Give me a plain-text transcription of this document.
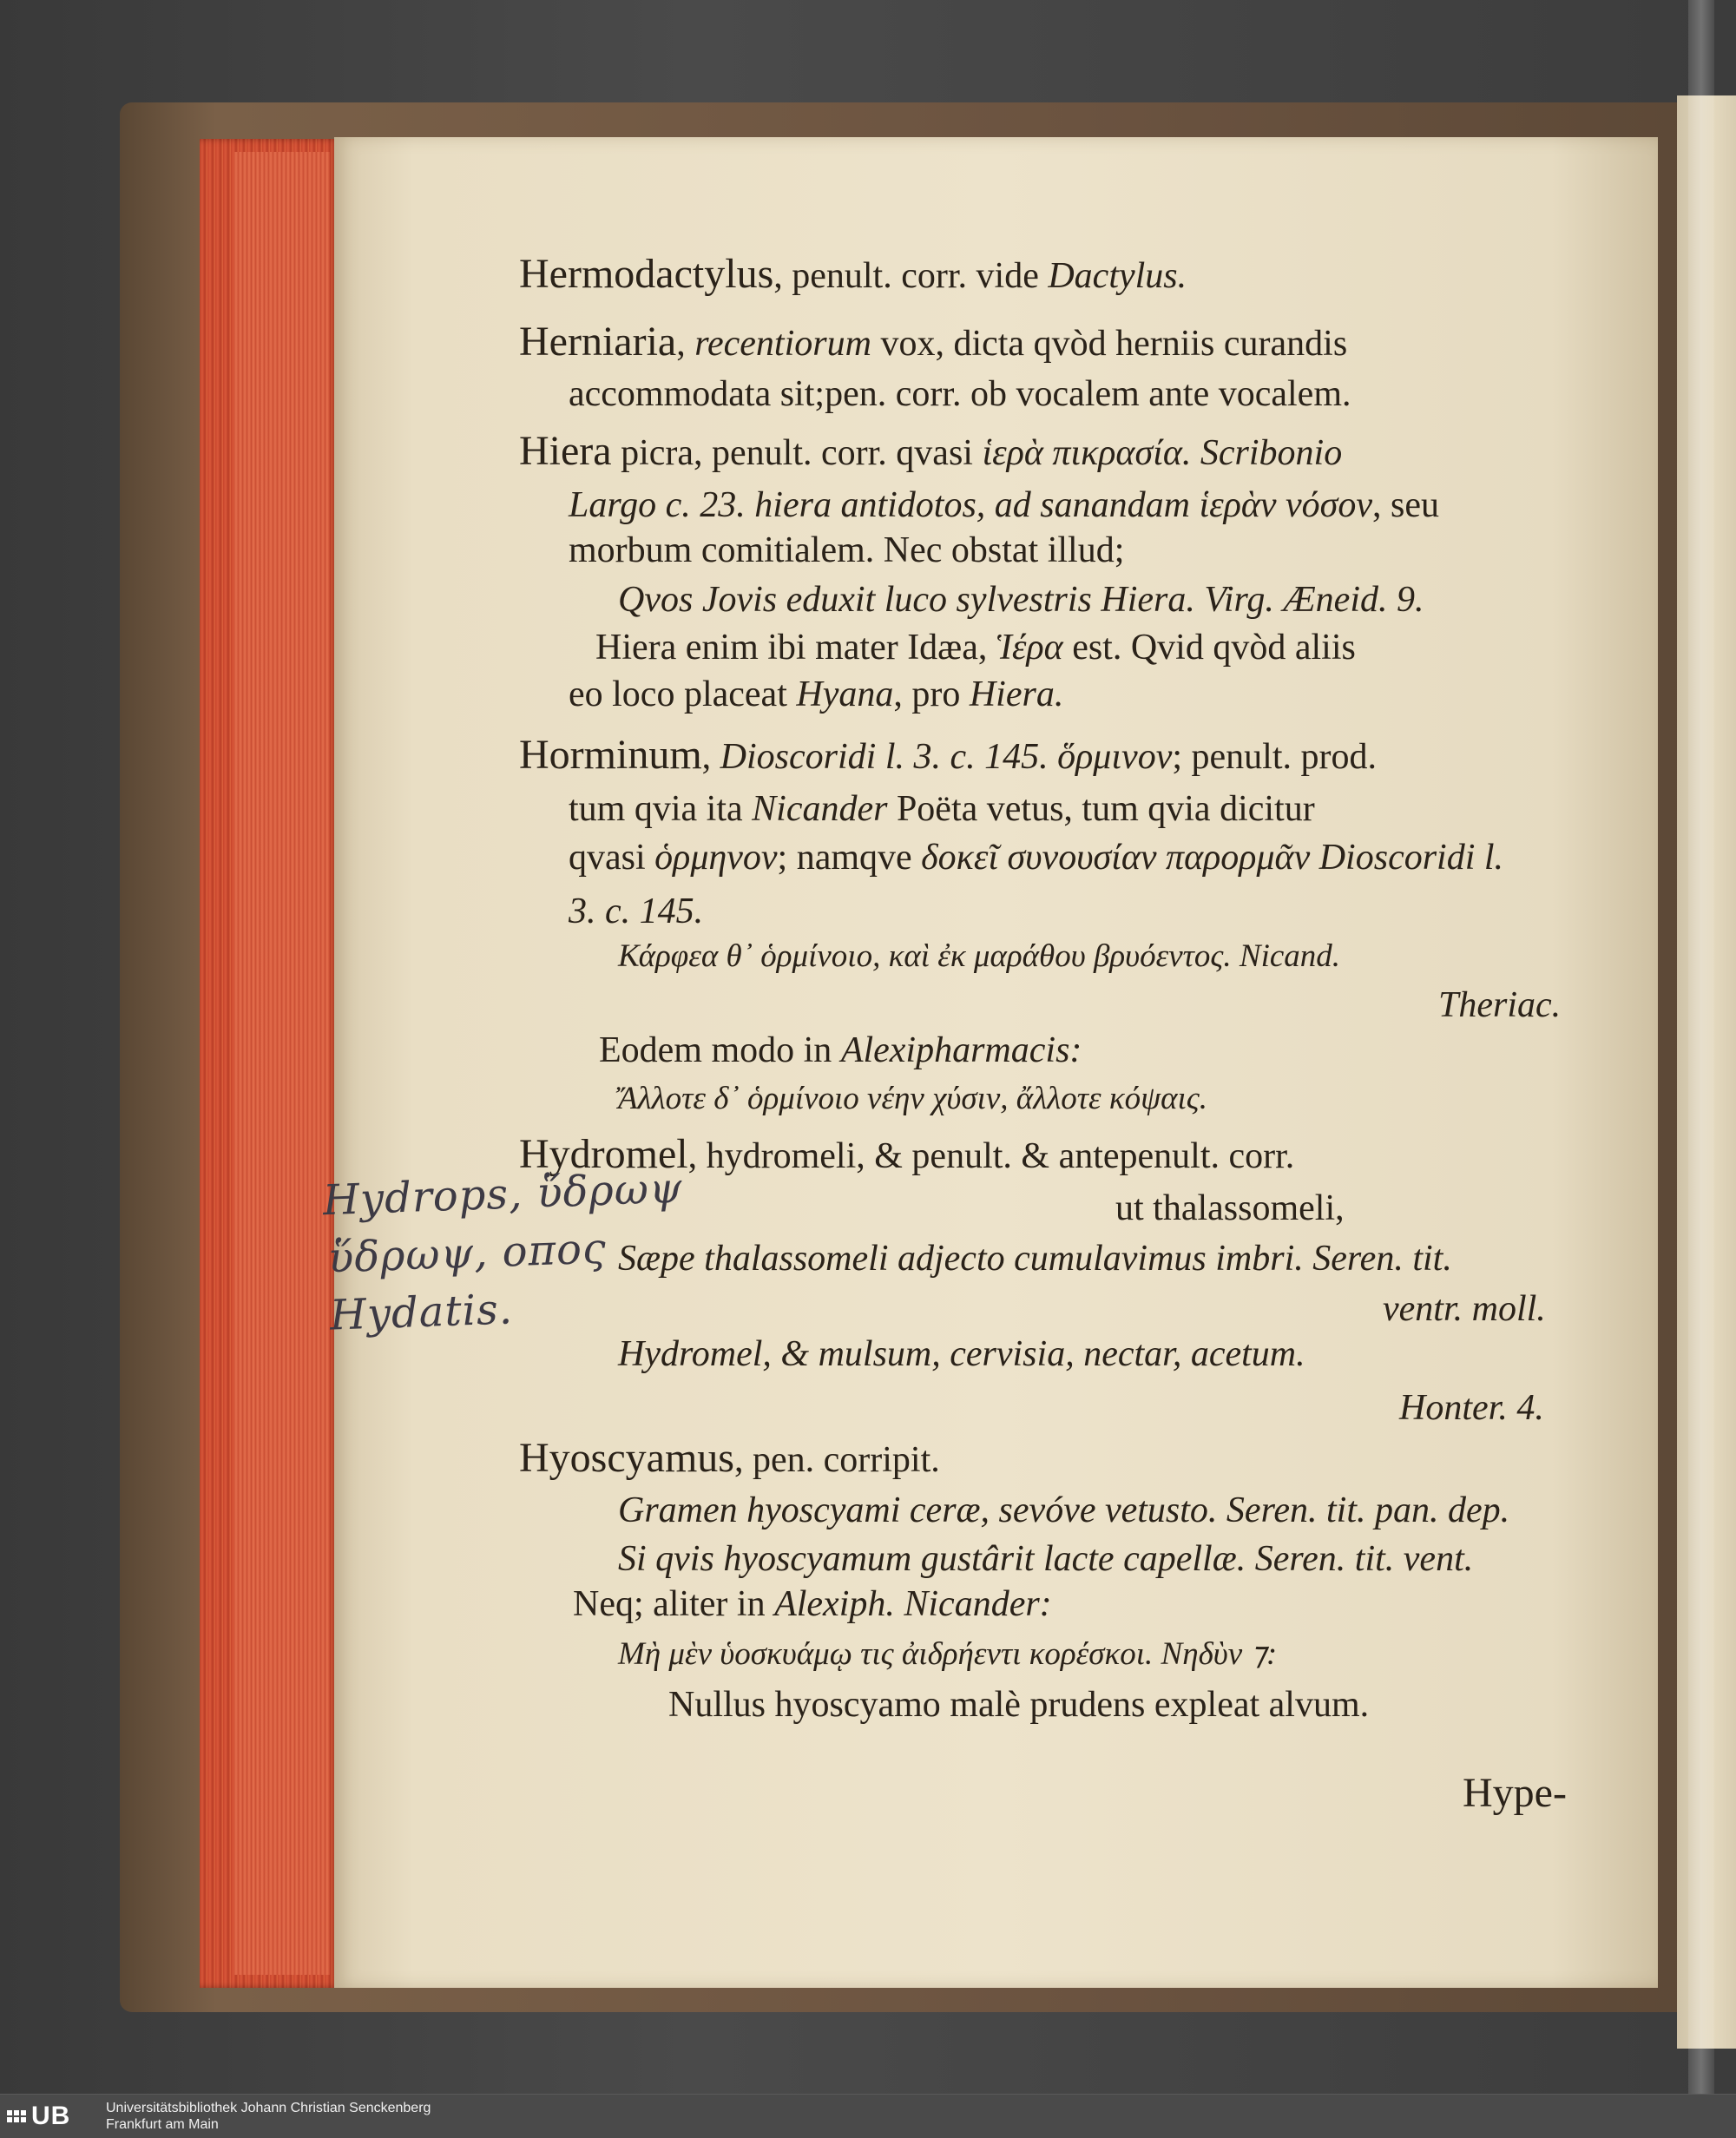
Hermodactylus, penult. corr. vide Dactylus.
Herniaria, recentiorum vox, dicta qvòd herniis curandis
accommodata sit;pen. corr. ob vocalem ante vocalem.
Hiera picra, penult. corr. qvasi ἱερὰ πικρασία. Scribonio
Largo c. 23. hiera antidotos, ad sanandam ἱερὰν νόσον, seu
morbum comitialem. Nec obstat illud;
Qvos Jovis eduxit luco sylvestris Hiera. Virg. Æneid. 9.
Hiera enim ibi mater Idæa, Ἱέρα est. Qvid qvòd aliis
eo loco placeat Hyana, pro Hiera.
Horminum, Dioscoridi l. 3. c. 145. ὅρμινον; penult. prod.
tum qvia ita Nicander Poëta vetus, tum qvia dicitur
qvasi ὁρμηνον; namqve δοκεῖ συνουσίαν παρορμᾶν Dioscoridi l.
3. c. 145.
Κάρφεα θ᾽ ὁρμίνοιο, καὶ ἐκ μαράθου βρυόεντος. Nicand.
Theriac.
Eodem modo in Alexipharmacis:
Ἄλλοτε δ᾽ ὁρμίνοιο νέην χύσιν, ἄλλοτε κόψαις.
Hydromel, hydromeli, & penult. & antepenult. corr.
ut thalassomeli,
Sæpe thalassomeli adjecto cumulavimus imbri. Seren. tit.
ventr. moll.
Hydromel, & mulsum, cervisia, nectar, acetum.
Honter. 4.
Hyoscyamus, pen. corripit.
Gramen hyoscyami ceræ, sevóve vetusto. Seren. tit. pan. dep.
Si qvis hyoscyamum gustârit lacte capellæ. Seren. tit. vent.
Neq; aliter in Alexiph. Nicander:
Μὴ μὲν ὑοσκυάμῳ τις ἀιδρήεντι κορέσκοι. Νηδὺν ⁊:
Nullus hyoscyamo malè prudens expleat alvum.
Hype-
Hydrops, ὕδρωψ
ὕδρωψ, οπος
Hydatis.
UB	Universitätsbibliothek Johann Christian Senckenberg
Frankfurt am Main
